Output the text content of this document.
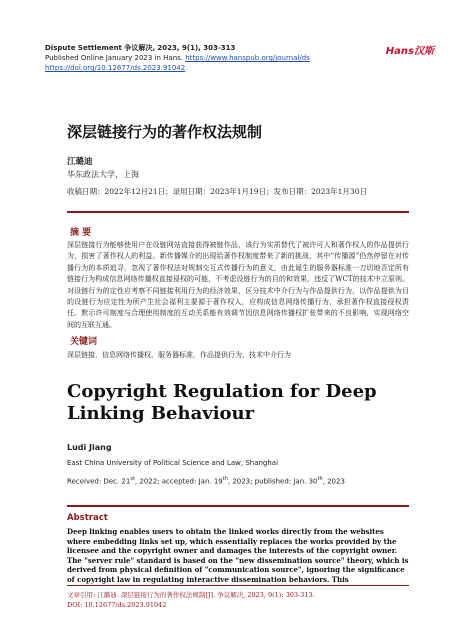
Dispute Settlement 争议解决, 2023, 9(1), 303-313
Published Online January 2023 in Hans. https://www.hanspub.org/journal/ds
https://doi.org/10.12677/ds.2023.91042
Hans汉斯
深层链接行为的著作权法规制
江璐迪
华东政法大学，上海
收稿日期：2022年12月21日；录用日期：2023年1月19日；发布日期：2023年1月30日
摘 要
深层链接行为能够使用户在设链网站直接获得被链作品，该行为实质替代了被许可人和著作权人的作品提供行为，损害了著作权人的利益。新传播媒介的出现给著作权制度带来了新的挑战，其中“传播源”仍然停留在对传播行为的本质追寻，忽视了著作权法对规制交互式传播行为的意义，由此诞生的服务器标准一刀切地否定所有链接行为构成信息网络传播权直接侵权的可能，不考虑设链行为的目的和效果，违反了WCT的技术中立原则。对设链行为的定性应考察不同链接利用行为的经济效果，区分技术中介行为与作品提供行为，以作品提供为目的设链行为应定性为所产生社会福利主要源于著作权人，应构成信息网络传播行为，承担著作权直接侵权责任。默示许可制度与合理使用制度的互动关系能有效调节因信息网络传播权扩张带来的不良影响，实现网络空间的互联互通。
关键词
深层链接，信息网络传播权，服务器标准，作品提供行为，技术中介行为
Copyright Regulation for Deep Linking Behaviour
Ludi Jiang
East China University of Political Science and Law, Shanghai
Received: Dec. 21st, 2022; accepted: Jan. 19th, 2023; published: Jan. 30th, 2023
Abstract
Deep linking enables users to obtain the linked works directly from the websites where embedding links set up, which essentially replaces the works provided by the licensee and the copyright owner and damages the interests of the copyright owner. The "server rule" standard is based on the "new dissemination source" theory, which is derived from physical definition of "communication source", ignoring the significance of copyright law in regulating interactive dissemination behaviors. This
文章引用: 江璐迪. 深层链接行为的著作权法规制[J]. 争议解决, 2023, 9(1): 303-313.
DOI: 10.12677/ds.2023.91042
